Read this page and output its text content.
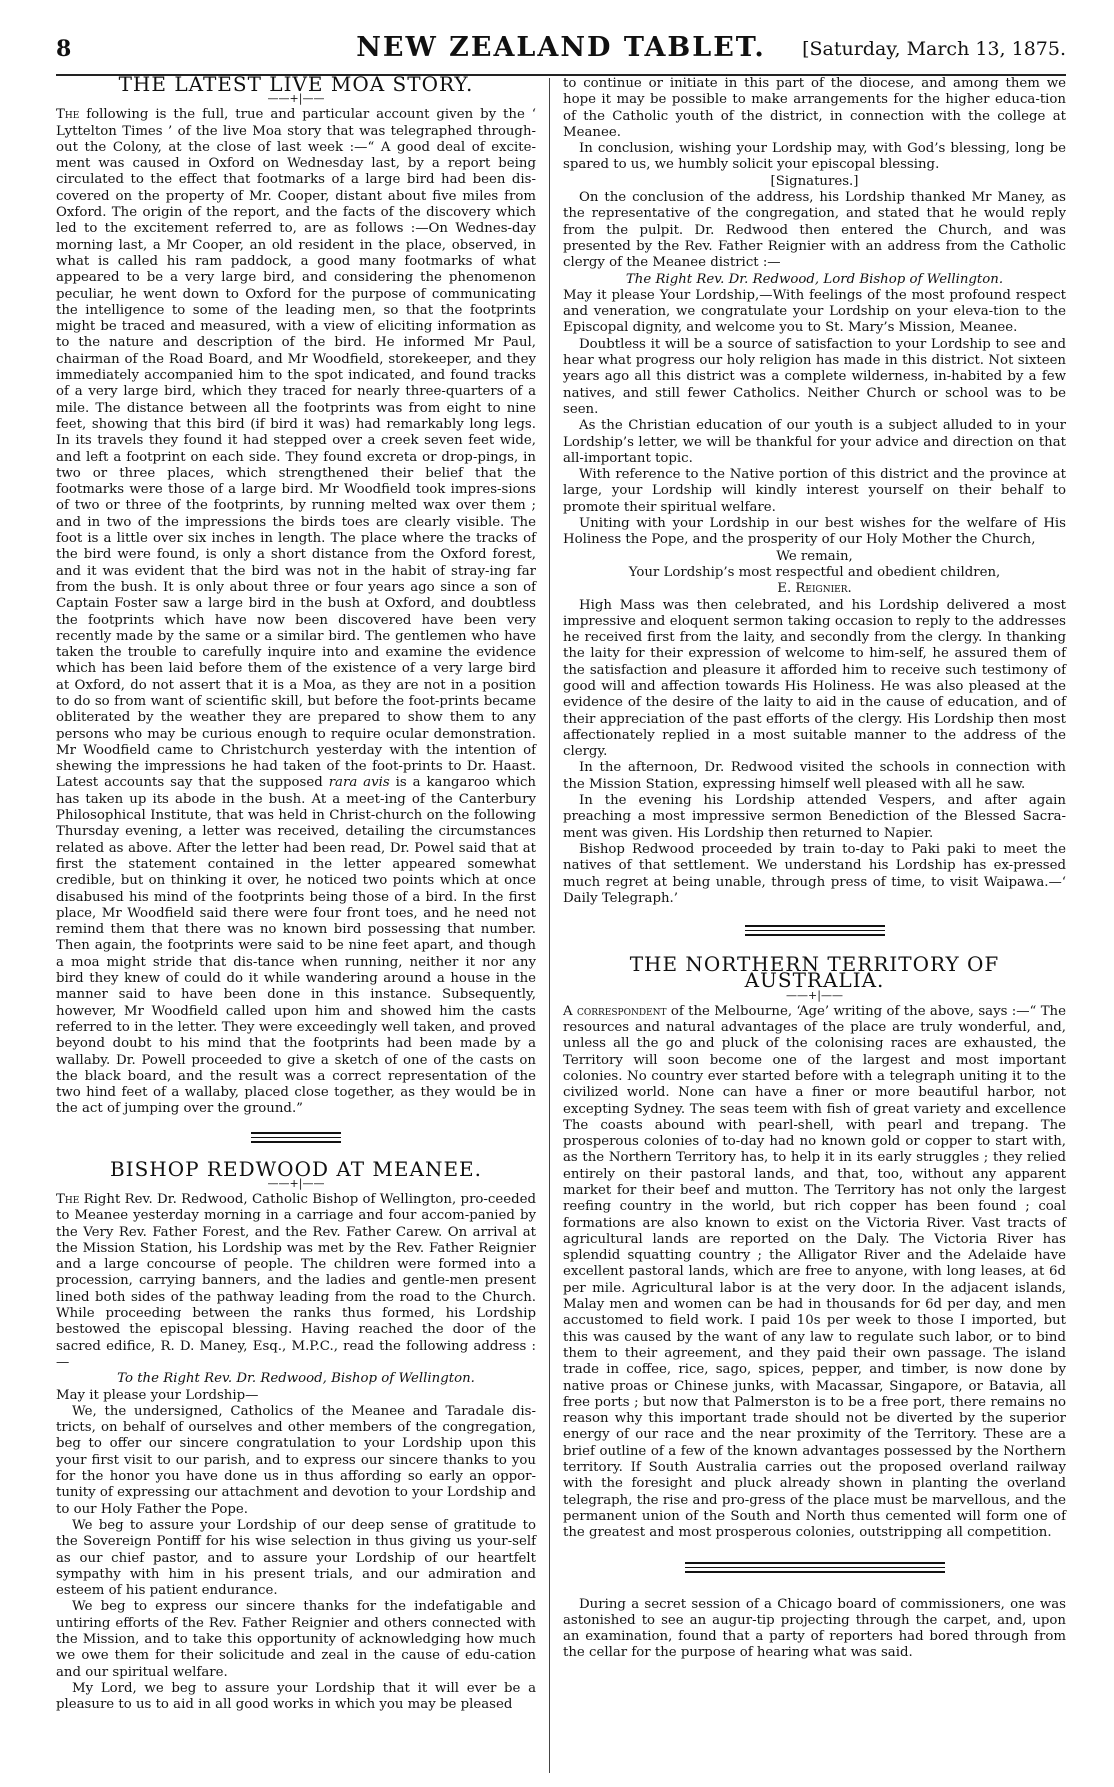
8	NEW ZEALAND TABLET.	[Saturday, March 13, 1875.
THE LATEST LIVE MOA STORY.
——+|——

The following is the full, true and particular account given by the ‘ Lyttelton Times ’ of the live Moa story that was telegraphed through-out the Colony, at the close of last week :—“ A good deal of excite-ment was caused in Oxford on Wednesday last, by a report being circulated to the effect that footmarks of a large bird had been dis-covered on the property of Mr. Cooper, distant about five miles from Oxford. The origin of the report, and the facts of the discovery which led to the excitement referred to, are as follows :—On Wednes-day morning last, a Mr Cooper, an old resident in the place, observed, in what is called his ram paddock, a good many footmarks of what appeared to be a very large bird, and considering the phenomenon peculiar, he went down to Oxford for the purpose of communicating the intelligence to some of the leading men, so that the footprints might be traced and measured, with a view of eliciting information as to the nature and description of the bird. He informed Mr Paul, chairman of the Road Board, and Mr Woodfield, storekeeper, and they immediately accompanied him to the spot indicated, and found tracks of a very large bird, which they traced for nearly three-quarters of a mile. The distance between all the footprints was from eight to nine feet, showing that this bird (if bird it was) had remarkably long legs. In its travels they found it had stepped over a creek seven feet wide, and left a footprint on each side. They found excreta or drop-pings, in two or three places, which strengthened their belief that the footmarks were those of a large bird. Mr Woodfield took impres-sions of two or three of the footprints, by running melted wax over them ; and in two of the impressions the birds toes are clearly visible. The foot is a little over six inches in length. The place where the tracks of the bird were found, is only a short distance from the Oxford forest, and it was evident that the bird was not in the habit of stray-ing far from the bush. It is only about three or four years ago since a son of Captain Foster saw a large bird in the bush at Oxford, and doubtless the footprints which have now been discovered have been very recently made by the same or a similar bird. The gentlemen who have taken the trouble to carefully inquire into and examine the evidence which has been laid before them of the existence of a very large bird at Oxford, do not assert that it is a Moa, as they are not in a position to do so from want of scientific skill, but before the foot-prints became obliterated by the weather they are prepared to show them to any persons who may be curious enough to require ocular demonstration. Mr Woodfield came to Christchurch yesterday with the intention of shewing the impressions he had taken of the foot-prints to Dr. Haast. Latest accounts say that the supposed rara avis is a kangaroo which has taken up its abode in the bush. At a meet-ing of the Canterbury Philosophical Institute, that was held in Christ-church on the following Thursday evening, a letter was received, detailing the circumstances related as above. After the letter had been read, Dr. Powel said that at first the statement contained in the letter appeared somewhat credible, but on thinking it over, he noticed two points which at once disabused his mind of the footprints being those of a bird. In the first place, Mr Woodfield said there were four front toes, and he need not remind them that there was no known bird possessing that number. Then again, the footprints were said to be nine feet apart, and though a moa might stride that dis-tance when running, neither it nor any bird they knew of could do it while wandering around a house in the manner said to have been done in this instance. Subsequently, however, Mr Woodfield called upon him and showed him the casts referred to in the letter. They were exceedingly well taken, and proved beyond doubt to his mind that the footprints had been made by a wallaby. Dr. Powell proceeded to give a sketch of one of the casts on the black board, and the result was a correct representation of the two hind feet of a wallaby, placed close together, as they would be in the act of jumping over the ground.”

BISHOP REDWOOD AT MEANEE.
——+|——

The Right Rev. Dr. Redwood, Catholic Bishop of Wellington, pro-ceeded to Meanee yesterday morning in a carriage and four accom-panied by the Very Rev. Father Forest, and the Rev. Father Carew. On arrival at the Mission Station, his Lordship was met by the Rev. Father Reignier and a large concourse of people. The children were formed into a procession, carrying banners, and the ladies and gentle-men present lined both sides of the pathway leading from the road to the Church. While proceeding between the ranks thus formed, his Lordship bestowed the episcopal blessing. Having reached the door of the sacred edifice, R. D. Maney, Esq., M.P.C., read the following address :—

To the Right Rev. Dr. Redwood, Bishop of Wellington.

May it please your Lordship—

We, the undersigned, Catholics of the Meanee and Taradale dis-tricts, on behalf of ourselves and other members of the congregation, beg to offer our sincere congratulation to your Lordship upon this your first visit to our parish, and to express our sincere thanks to you for the honor you have done us in thus affording so early an oppor-tunity of expressing our attachment and devotion to your Lordship and to our Holy Father the Pope.

We beg to assure your Lordship of our deep sense of gratitude to the Sovereign Pontiff for his wise selection in thus giving us your-self as our chief pastor, and to assure your Lordship of our heartfelt sympathy with him in his present trials, and our admiration and esteem of his patient endurance.

We beg to express our sincere thanks for the indefatigable and untiring efforts of the Rev. Father Reignier and others connected with the Mission, and to take this opportunity of acknowledging how much we owe them for their solicitude and zeal in the cause of edu-cation and our spiritual welfare.

My Lord, we beg to assure your Lordship that it will ever be a pleasure to us to aid in all good works in which you may be pleased

to continue or initiate in this part of the diocese, and among them we hope it may be possible to make arrangements for the higher educa-tion of the Catholic youth of the district, in connection with the college at Meanee.

In conclusion, wishing your Lordship may, with God’s blessing, long be spared to us, we humbly solicit your episcopal blessing.

[Signatures.]

On the conclusion of the address, his Lordship thanked Mr Maney, as the representative of the congregation, and stated that he would reply from the pulpit. Dr. Redwood then entered the Church, and was presented by the Rev. Father Reignier with an address from the Catholic clergy of the Meanee district :—

The Right Rev. Dr. Redwood, Lord Bishop of Wellington.

May it please Your Lordship,—With feelings of the most profound respect and veneration, we congratulate your Lordship on your eleva-tion to the Episcopal dignity, and welcome you to St. Mary’s Mission, Meanee.

Doubtless it will be a source of satisfaction to your Lordship to see and hear what progress our holy religion has made in this district. Not sixteen years ago all this district was a complete wilderness, in-habited by a few natives, and still fewer Catholics. Neither Church or school was to be seen.

As the Christian education of our youth is a subject alluded to in your Lordship’s letter, we will be thankful for your advice and direction on that all-important topic.

With reference to the Native portion of this district and the province at large, your Lordship will kindly interest yourself on their behalf to promote their spiritual welfare.

Uniting with your Lordship in our best wishes for the welfare of His Holiness the Pope, and the prosperity of our Holy Mother the Church,

We remain,

Your Lordship’s most respectful and obedient children,

E. Reignier.

High Mass was then celebrated, and his Lordship delivered a most impressive and eloquent sermon taking occasion to reply to the addresses he received first from the laity, and secondly from the clergy. In thanking the laity for their expression of welcome to him-self, he assured them of the satisfaction and pleasure it afforded him to receive such testimony of good will and affection towards His Holiness. He was also pleased at the evidence of the desire of the laity to aid in the cause of education, and of their appreciation of the past efforts of the clergy. His Lordship then most affectionately replied in a most suitable manner to the address of the clergy.

In the afternoon, Dr. Redwood visited the schools in connection with the Mission Station, expressing himself well pleased with all he saw.

In the evening his Lordship attended Vespers, and after again preaching a most impressive sermon Benediction of the Blessed Sacra-ment was given. His Lordship then returned to Napier.

Bishop Redwood proceeded by train to-day to Paki paki to meet the natives of that settlement. We understand his Lordship has ex-pressed much regret at being unable, through press of time, to visit Waipawa.—‘ Daily Telegraph.’

THE NORTHERN TERRITORY OF AUSTRALIA.
——+|——

A correspondent of the Melbourne, ‘Age’ writing of the above, says :—“ The resources and natural advantages of the place are truly wonderful, and, unless all the go and pluck of the colonising races are exhausted, the Territory will soon become one of the largest and most important colonies. No country ever started before with a telegraph uniting it to the civilized world. None can have a finer or more beautiful harbor, not excepting Sydney. The seas teem with fish of great variety and excellence The coasts abound with pearl-shell, with pearl and trepang. The prosperous colonies of to-day had no known gold or copper to start with, as the Northern Territory has, to help it in its early struggles ; they relied entirely on their pastoral lands, and that, too, without any apparent market for their beef and mutton. The Territory has not only the largest reefing country in the world, but rich copper has been found ; coal formations are also known to exist on the Victoria River. Vast tracts of agricultural lands are reported on the Daly. The Victoria River has splendid squatting country ; the Alligator River and the Adelaide have excellent pastoral lands, which are free to anyone, with long leases, at 6d per mile. Agricultural labor is at the very door. In the adjacent islands, Malay men and women can be had in thousands for 6d per day, and men accustomed to field work. I paid 10s per week to those I imported, but this was caused by the want of any law to regulate such labor, or to bind them to their agreement, and they paid their own passage. The island trade in coffee, rice, sago, spices, pepper, and timber, is now done by native proas or Chinese junks, with Macassar, Singapore, or Batavia, all free ports ; but now that Palmerston is to be a free port, there remains no reason why this important trade should not be diverted by the superior energy of our race and the near proximity of the Territory. These are a brief outline of a few of the known advantages possessed by the Northern territory. If South Australia carries out the proposed overland railway with the foresight and pluck already shown in planting the overland telegraph, the rise and pro-gress of the place must be marvellous, and the permanent union of the South and North thus cemented will form one of the greatest and most prosperous colonies, outstripping all competition.

During a secret session of a Chicago board of commissioners, one was astonished to see an augur-tip projecting through the carpet, and, upon an examination, found that a party of reporters had bored through from the cellar for the purpose of hearing what was said.
